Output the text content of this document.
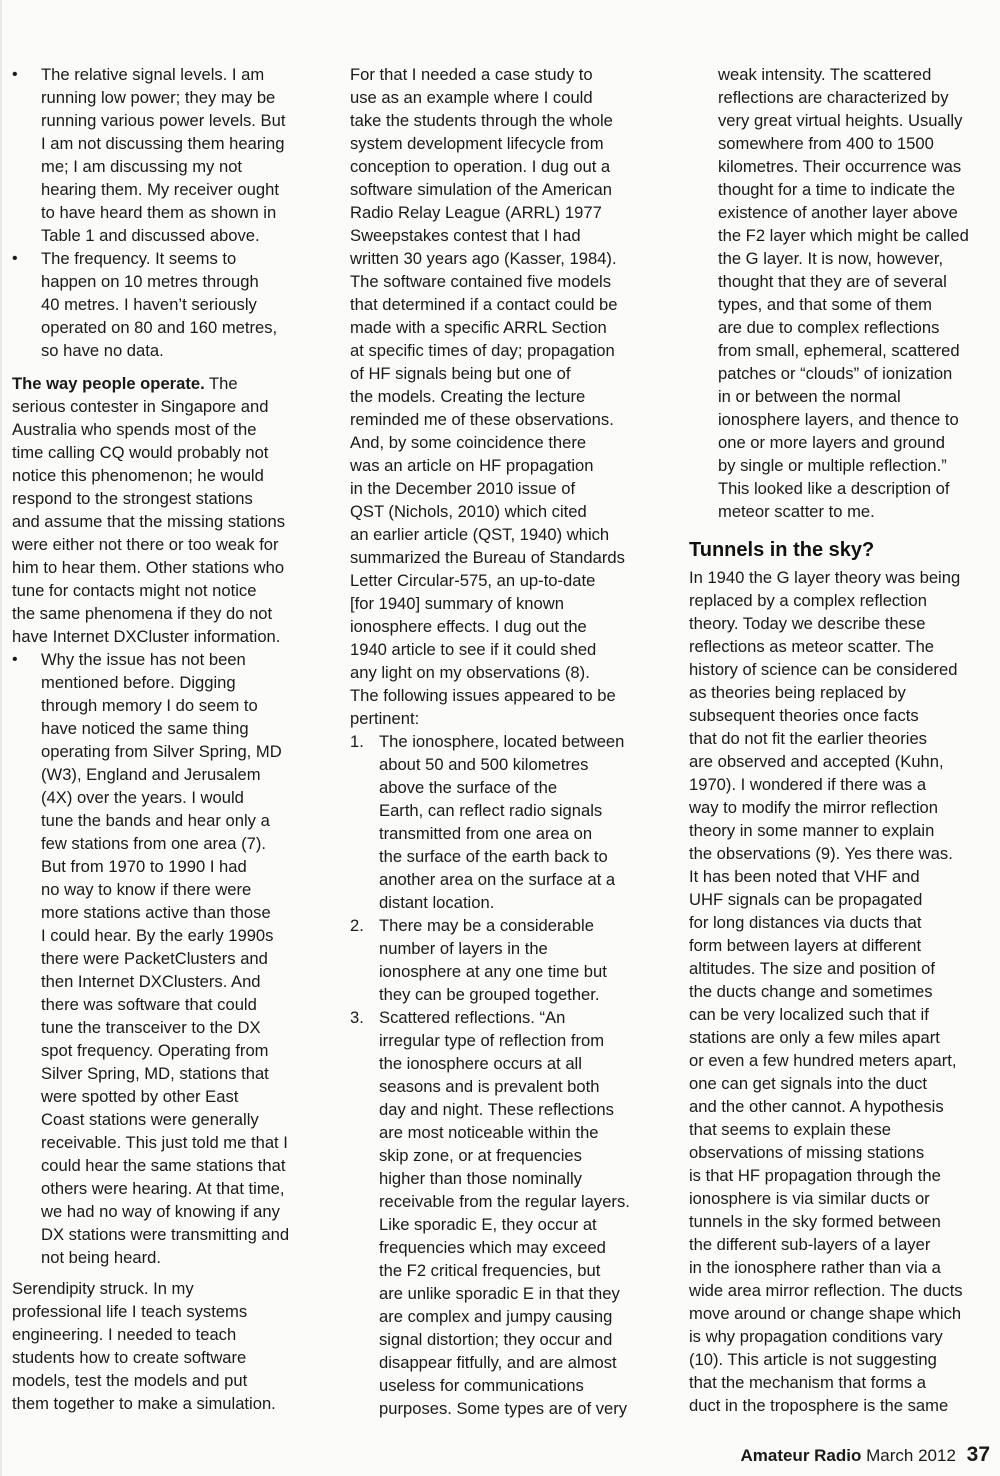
• The relative signal levels. I am
running low power; they may be
running various power levels. But
I am not discussing them hearing
me; I am discussing my not
hearing them. My receiver ought
to have heard them as shown in
Table 1 and discussed above.
• The frequency. It seems to
happen on 10 metres through
40 metres. I haven’t seriously
operated on 80 and 160 metres,
so have no data.

The way people operate. The
serious contester in Singapore and
Australia who spends most of the
time calling CQ would probably not
notice this phenomenon; he would
respond to the strongest stations
and assume that the missing stations
were either not there or too weak for
him to hear them. Other stations who
tune for contacts might not notice
the same phenomena if they do not
have Internet DXCluster information.

• Why the issue has not been
mentioned before. Digging
through memory I do seem to
have noticed the same thing
operating from Silver Spring, MD
(W3), England and Jerusalem
(4X) over the years. I would
tune the bands and hear only a
few stations from one area (7).
But from 1970 to 1990 I had
no way to know if there were
more stations active than those
I could hear. By the early 1990s
there were PacketClusters and
then Internet DXClusters. And
there was software that could
tune the transceiver to the DX
spot frequency. Operating from
Silver Spring, MD, stations that
were spotted by other East
Coast stations were generally
receivable. This just told me that I
could hear the same stations that
others were hearing. At that time,
we had no way of knowing if any
DX stations were transmitting and
not being heard.

Serendipity struck. In my
professional life I teach systems
engineering. I needed to teach
students how to create software
models, test the models and put
them together to make a simulation.

For that I needed a case study to
use as an example where I could
take the students through the whole
system development lifecycle from
conception to operation. I dug out a
software simulation of the American
Radio Relay League (ARRL) 1977
Sweepstakes contest that I had
written 30 years ago (Kasser, 1984).
The software contained five models
that determined if a contact could be
made with a specific ARRL Section
at specific times of day; propagation
of HF signals being but one of
the models. Creating the lecture
reminded me of these observations.
And, by some coincidence there
was an article on HF propagation
in the December 2010 issue of
QST (Nichols, 2010) which cited
an earlier article (QST, 1940) which
summarized the Bureau of Standards
Letter Circular-575, an up-to-date
[for 1940] summary of known
ionosphere effects. I dug out the
1940 article to see if it could shed
any light on my observations (8).
The following issues appeared to be
pertinent:

1. The ionosphere, located between
about 50 and 500 kilometres
above the surface of the
Earth, can reflect radio signals
transmitted from one area on
the surface of the earth back to
another area on the surface at a
distant location.
2. There may be a considerable
number of layers in the
ionosphere at any one time but
they can be grouped together.
3. Scattered reflections. “An
irregular type of reflection from
the ionosphere occurs at all
seasons and is prevalent both
day and night. These reflections
are most noticeable within the
skip zone, or at frequencies
higher than those nominally
receivable from the regular layers.
Like sporadic E, they occur at
frequencies which may exceed
the F2 critical frequencies, but
are unlike sporadic E in that they
are complex and jumpy causing
signal distortion; they occur and
disappear fitfully, and are almost
useless for communications
purposes. Some types are of very

weak intensity. The scattered
reflections are characterized by
very great virtual heights. Usually
somewhere from 400 to 1500
kilometres. Their occurrence was
thought for a time to indicate the
existence of another layer above
the F2 layer which might be called
the G layer. It is now, however,
thought that they are of several
types, and that some of them
are due to complex reflections
from small, ephemeral, scattered
patches or “clouds” of ionization
in or between the normal
ionosphere layers, and thence to
one or more layers and ground
by single or multiple reflection.”
This looked like a description of
meteor scatter to me.

Tunnels in the sky?

In 1940 the G layer theory was being
replaced by a complex reflection
theory. Today we describe these
reflections as meteor scatter. The
history of science can be considered
as theories being replaced by
subsequent theories once facts
that do not fit the earlier theories
are observed and accepted (Kuhn,
1970). I wondered if there was a
way to modify the mirror reflection
theory in some manner to explain
the observations (9). Yes there was.
It has been noted that VHF and
UHF signals can be propagated
for long distances via ducts that
form between layers at different
altitudes. The size and position of
the ducts change and sometimes
can be very localized such that if
stations are only a few miles apart
or even a few hundred meters apart,
one can get signals into the duct
and the other cannot. A hypothesis
that seems to explain these
observations of missing stations
is that HF propagation through the
ionosphere is via similar ducts or
tunnels in the sky formed between
the different sub-layers of a layer
in the ionosphere rather than via a
wide area mirror reflection. The ducts
move around or change shape which
is why propagation conditions vary
(10). This article is not suggesting
that the mechanism that forms a
duct in the troposphere is the same

Amateur Radio March 2012 37
